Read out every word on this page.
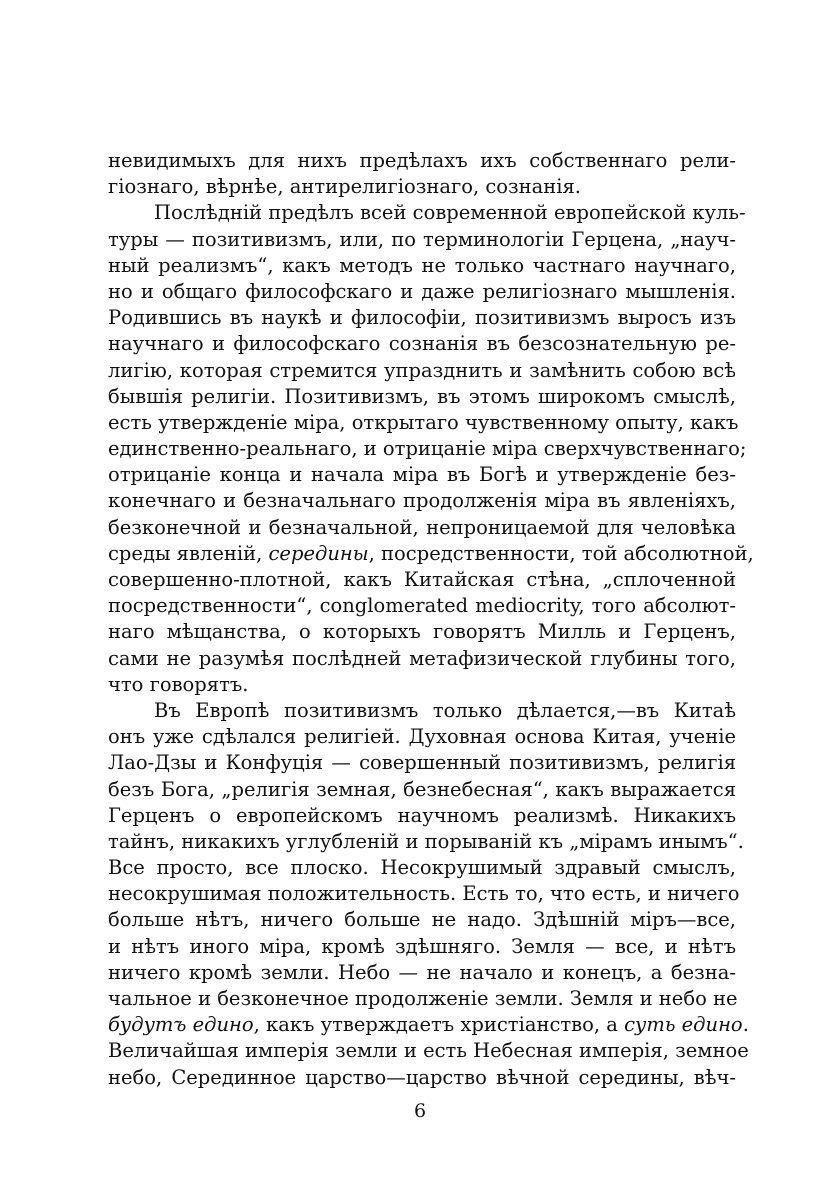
невидимыхъ для нихъ предѣлахъ ихъ собственнаго рели-
гіознаго, вѣрнѣе, антирелигіознаго, сознанія.
Послѣдній предѣлъ всей современной европейской куль-
туры — позитивизмъ, или, по терминологіи Герцена, „науч-
ный реализмъ“, какъ методъ не только частнаго научнаго,
но и общаго философскаго и даже религіознаго мышленія.
Родившись въ наукѣ и философіи, позитивизмъ выросъ изъ
научнаго и философскаго сознанія въ безсознательную ре-
лигію, которая стремится упразднить и замѣнить собою всѣ
бывшія религіи. Позитивизмъ, въ этомъ широкомъ смыслѣ,
есть утвержденіе міра, открытаго чувственному опыту, какъ
единственно-реальнаго, и отрицаніе міра сверхчувственнаго;
отрицаніе конца и начала міра въ Богѣ и утвержденіе без-
конечнаго и безначальнаго продолженія міра въ явленіяхъ,
безконечной и безначальной, непроницаемой для человѣка
среды явленій, середины, посредственности, той абсолютной,
совершенно-плотной, какъ Китайская стѣна, „сплоченной
посредственности“, conglomerated mediocrity, того абсолют-
наго мѣщанства, о которыхъ говорятъ Милль и Герценъ,
сами не разумѣя послѣдней метафизической глубины того,
что говорятъ.
Въ Европѣ позитивизмъ только дѣлается,—въ Китаѣ
онъ уже сдѣлался религіей. Духовная основа Китая, ученіе
Лао-Дзы и Конфуція — совершенный позитивизмъ, религія
безъ Бога, „религія земная, безнебесная“, какъ выражается
Герценъ о европейскомъ научномъ реализмѣ. Никакихъ
тайнъ, никакихъ углубленій и порываній къ „мірамъ инымъ“.
Все просто, все плоско. Несокрушимый здравый смыслъ,
несокрушимая положительность. Есть то, что есть, и ничего
больше нѣтъ, ничего больше не надо. Здѣшній міръ—все,
и нѣтъ иного міра, кромѣ здѣшняго. Земля — все, и нѣтъ
ничего кромѣ земли. Небо — не начало и конецъ, а безна-
чальное и безконечное продолженіе земли. Земля и небо не
будутъ едино, какъ утверждаетъ христіанство, а суть едино.
Величайшая имперія земли и есть Небесная имперія, земное
небо, Серединное царство—царство вѣчной середины, вѣч-
6
